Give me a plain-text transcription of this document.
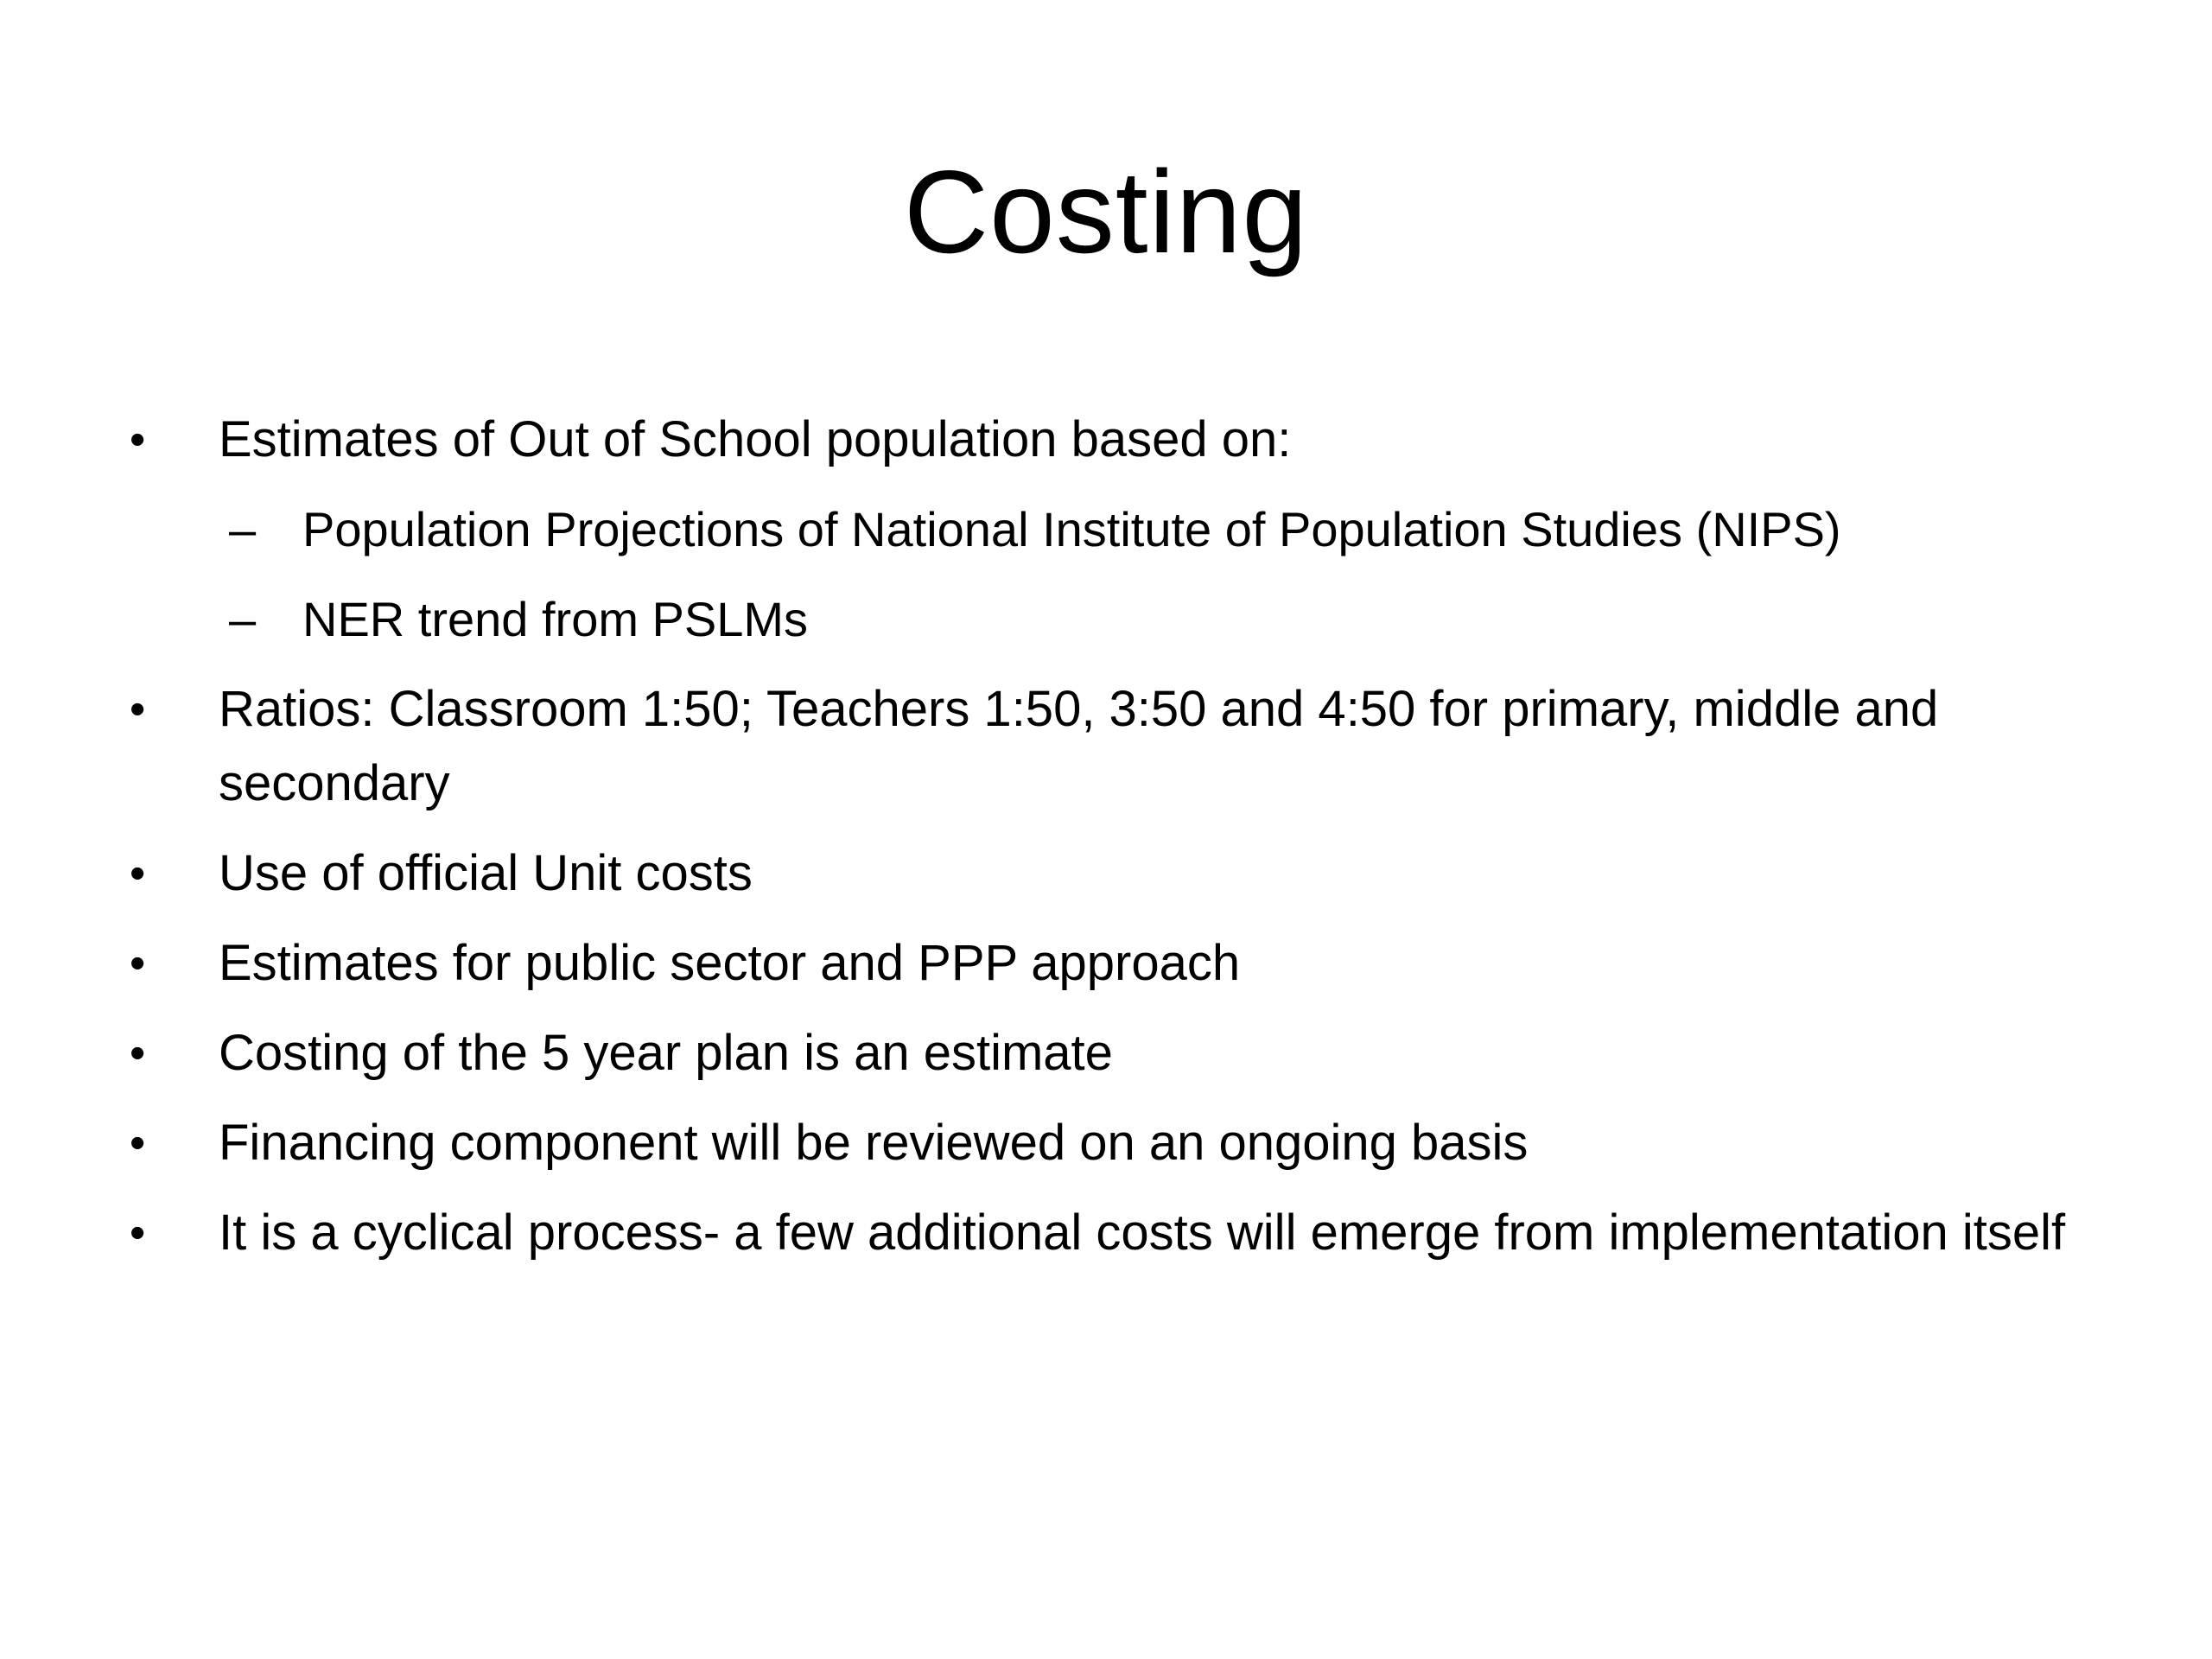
Costing
•	Estimates of Out of School population based on:
– Population Projections of National Institute of Population Studies (NIPS)
– NER trend from PSLMs
•	Ratios: Classroom 1:50; Teachers 1:50, 3:50 and 4:50 for primary, middle and secondary
•	Use of official Unit costs
•	Estimates for public sector and PPP approach
•	Costing of the 5 year plan is an estimate
•	Financing component will be reviewed on an ongoing basis
•	It is a cyclical process- a few additional costs will emerge from implementation itself
